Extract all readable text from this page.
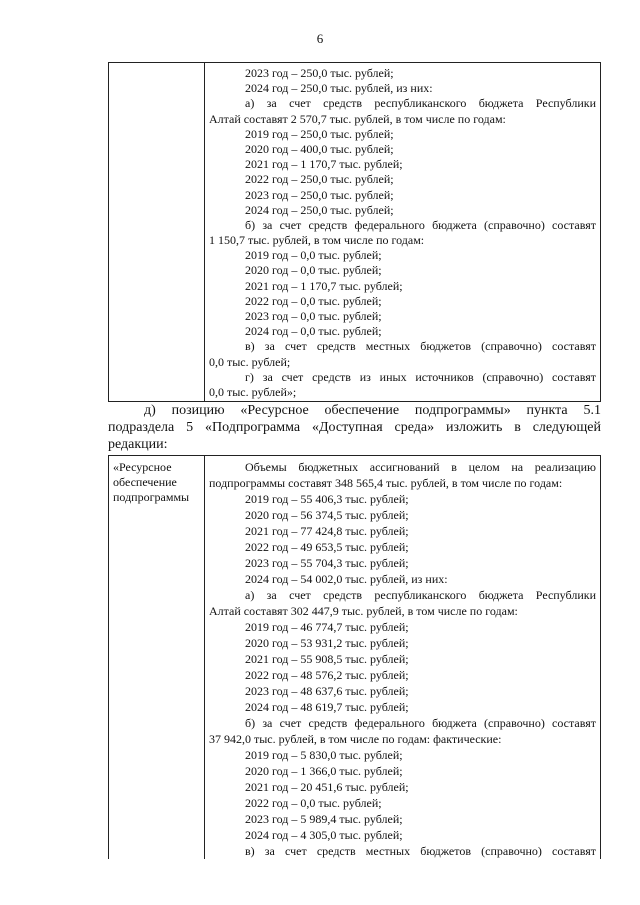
6
2023 год – 250,0 тыс. рублей;
2024 год – 250,0 тыс. рублей, из них:
а) за счет средств республиканского бюджета Республики
Алтай составят 2 570,7 тыс. рублей, в том числе по годам:
2019 год – 250,0 тыс. рублей;
2020 год – 400,0 тыс. рублей;
2021 год – 1 170,7 тыс. рублей;
2022 год – 250,0 тыс. рублей;
2023 год – 250,0 тыс. рублей;
2024 год – 250,0 тыс. рублей;
б) за счет средств федерального бюджета (справочно) составят
1 150,7 тыс. рублей, в том числе по годам:
2019 год – 0,0 тыс. рублей;
2020 год – 0,0 тыс. рублей;
2021 год – 1 170,7 тыс. рублей;
2022 год – 0,0 тыс. рублей;
2023 год – 0,0 тыс. рублей;
2024 год – 0,0 тыс. рублей;
в) за счет средств местных бюджетов (справочно) составят
0,0 тыс. рублей;
г) за счет средств из иных источников (справочно) составят
0,0 тыс. рублей»;
д) позицию «Ресурсное обеспечение подпрограммы» пункта 5.1
подраздела 5 «Подпрограмма «Доступная среда» изложить в следующей
редакции:
«Ресурсное
обеспечение
подпрограммы
Объемы бюджетных ассигнований в целом на реализацию
подпрограммы составят 348 565,4 тыс. рублей, в том числе по годам:
2019 год – 55 406,3 тыс. рублей;
2020 год – 56 374,5 тыс. рублей;
2021 год – 77 424,8 тыс. рублей;
2022 год – 49 653,5 тыс. рублей;
2023 год – 55 704,3 тыс. рублей;
2024 год – 54 002,0 тыс. рублей, из них:
а) за счет средств республиканского бюджета Республики
Алтай составят 302 447,9 тыс. рублей, в том числе по годам:
2019 год – 46 774,7 тыс. рублей;
2020 год – 53 931,2 тыс. рублей;
2021 год – 55 908,5 тыс. рублей;
2022 год – 48 576,2 тыс. рублей;
2023 год – 48 637,6 тыс. рублей;
2024 год – 48 619,7 тыс. рублей;
б) за счет средств федерального бюджета (справочно) составят
37 942,0 тыс. рублей, в том числе по годам: фактические:
2019 год – 5 830,0 тыс. рублей;
2020 год – 1 366,0 тыс. рублей;
2021 год – 20 451,6 тыс. рублей;
2022 год – 0,0 тыс. рублей;
2023 год – 5 989,4 тыс. рублей;
2024 год – 4 305,0 тыс. рублей;
в) за счет средств местных бюджетов (справочно) составят
